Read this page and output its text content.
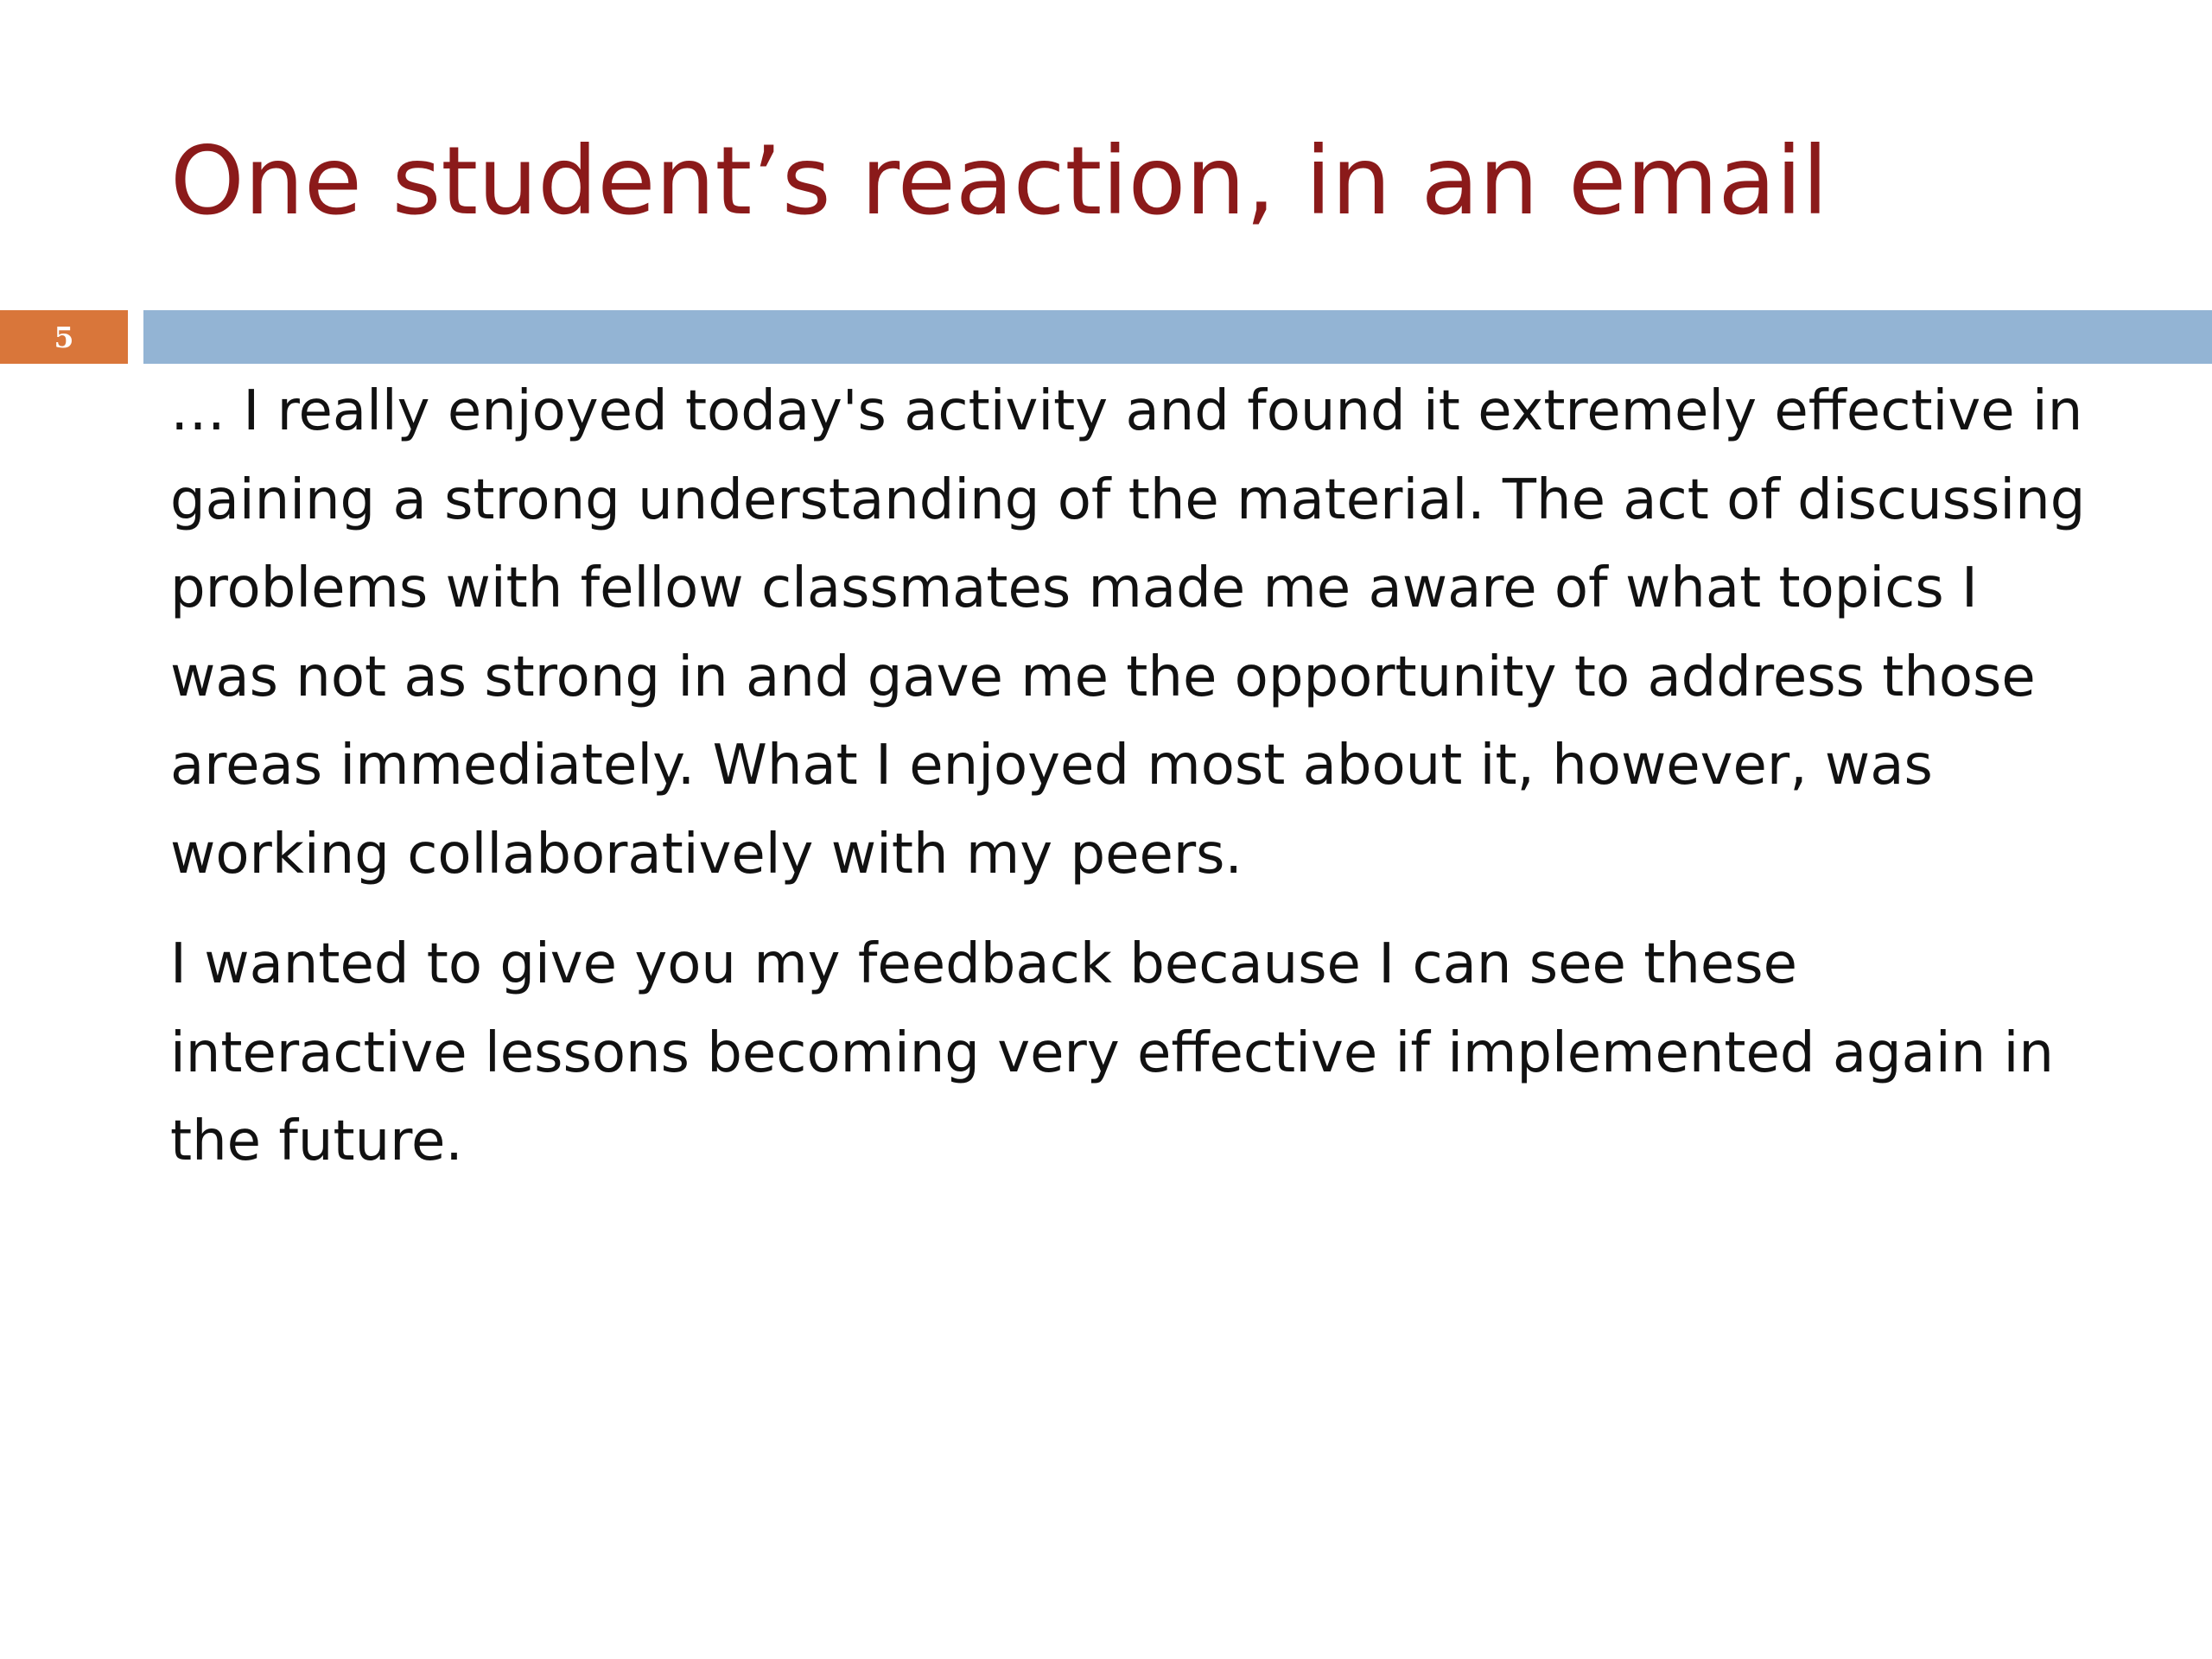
One student’s reaction, in an email
5

… I really enjoyed today's activity and found it extremely effective in gaining a strong understanding of the material. The act of discussing problems with fellow classmates made me aware of what topics I was not as strong in and gave me the opportunity to address those areas immediately. What I enjoyed most about it, however, was working collaboratively with my peers.

I wanted to give you my feedback because I can see these interactive lessons becoming very effective if implemented again in the future.
